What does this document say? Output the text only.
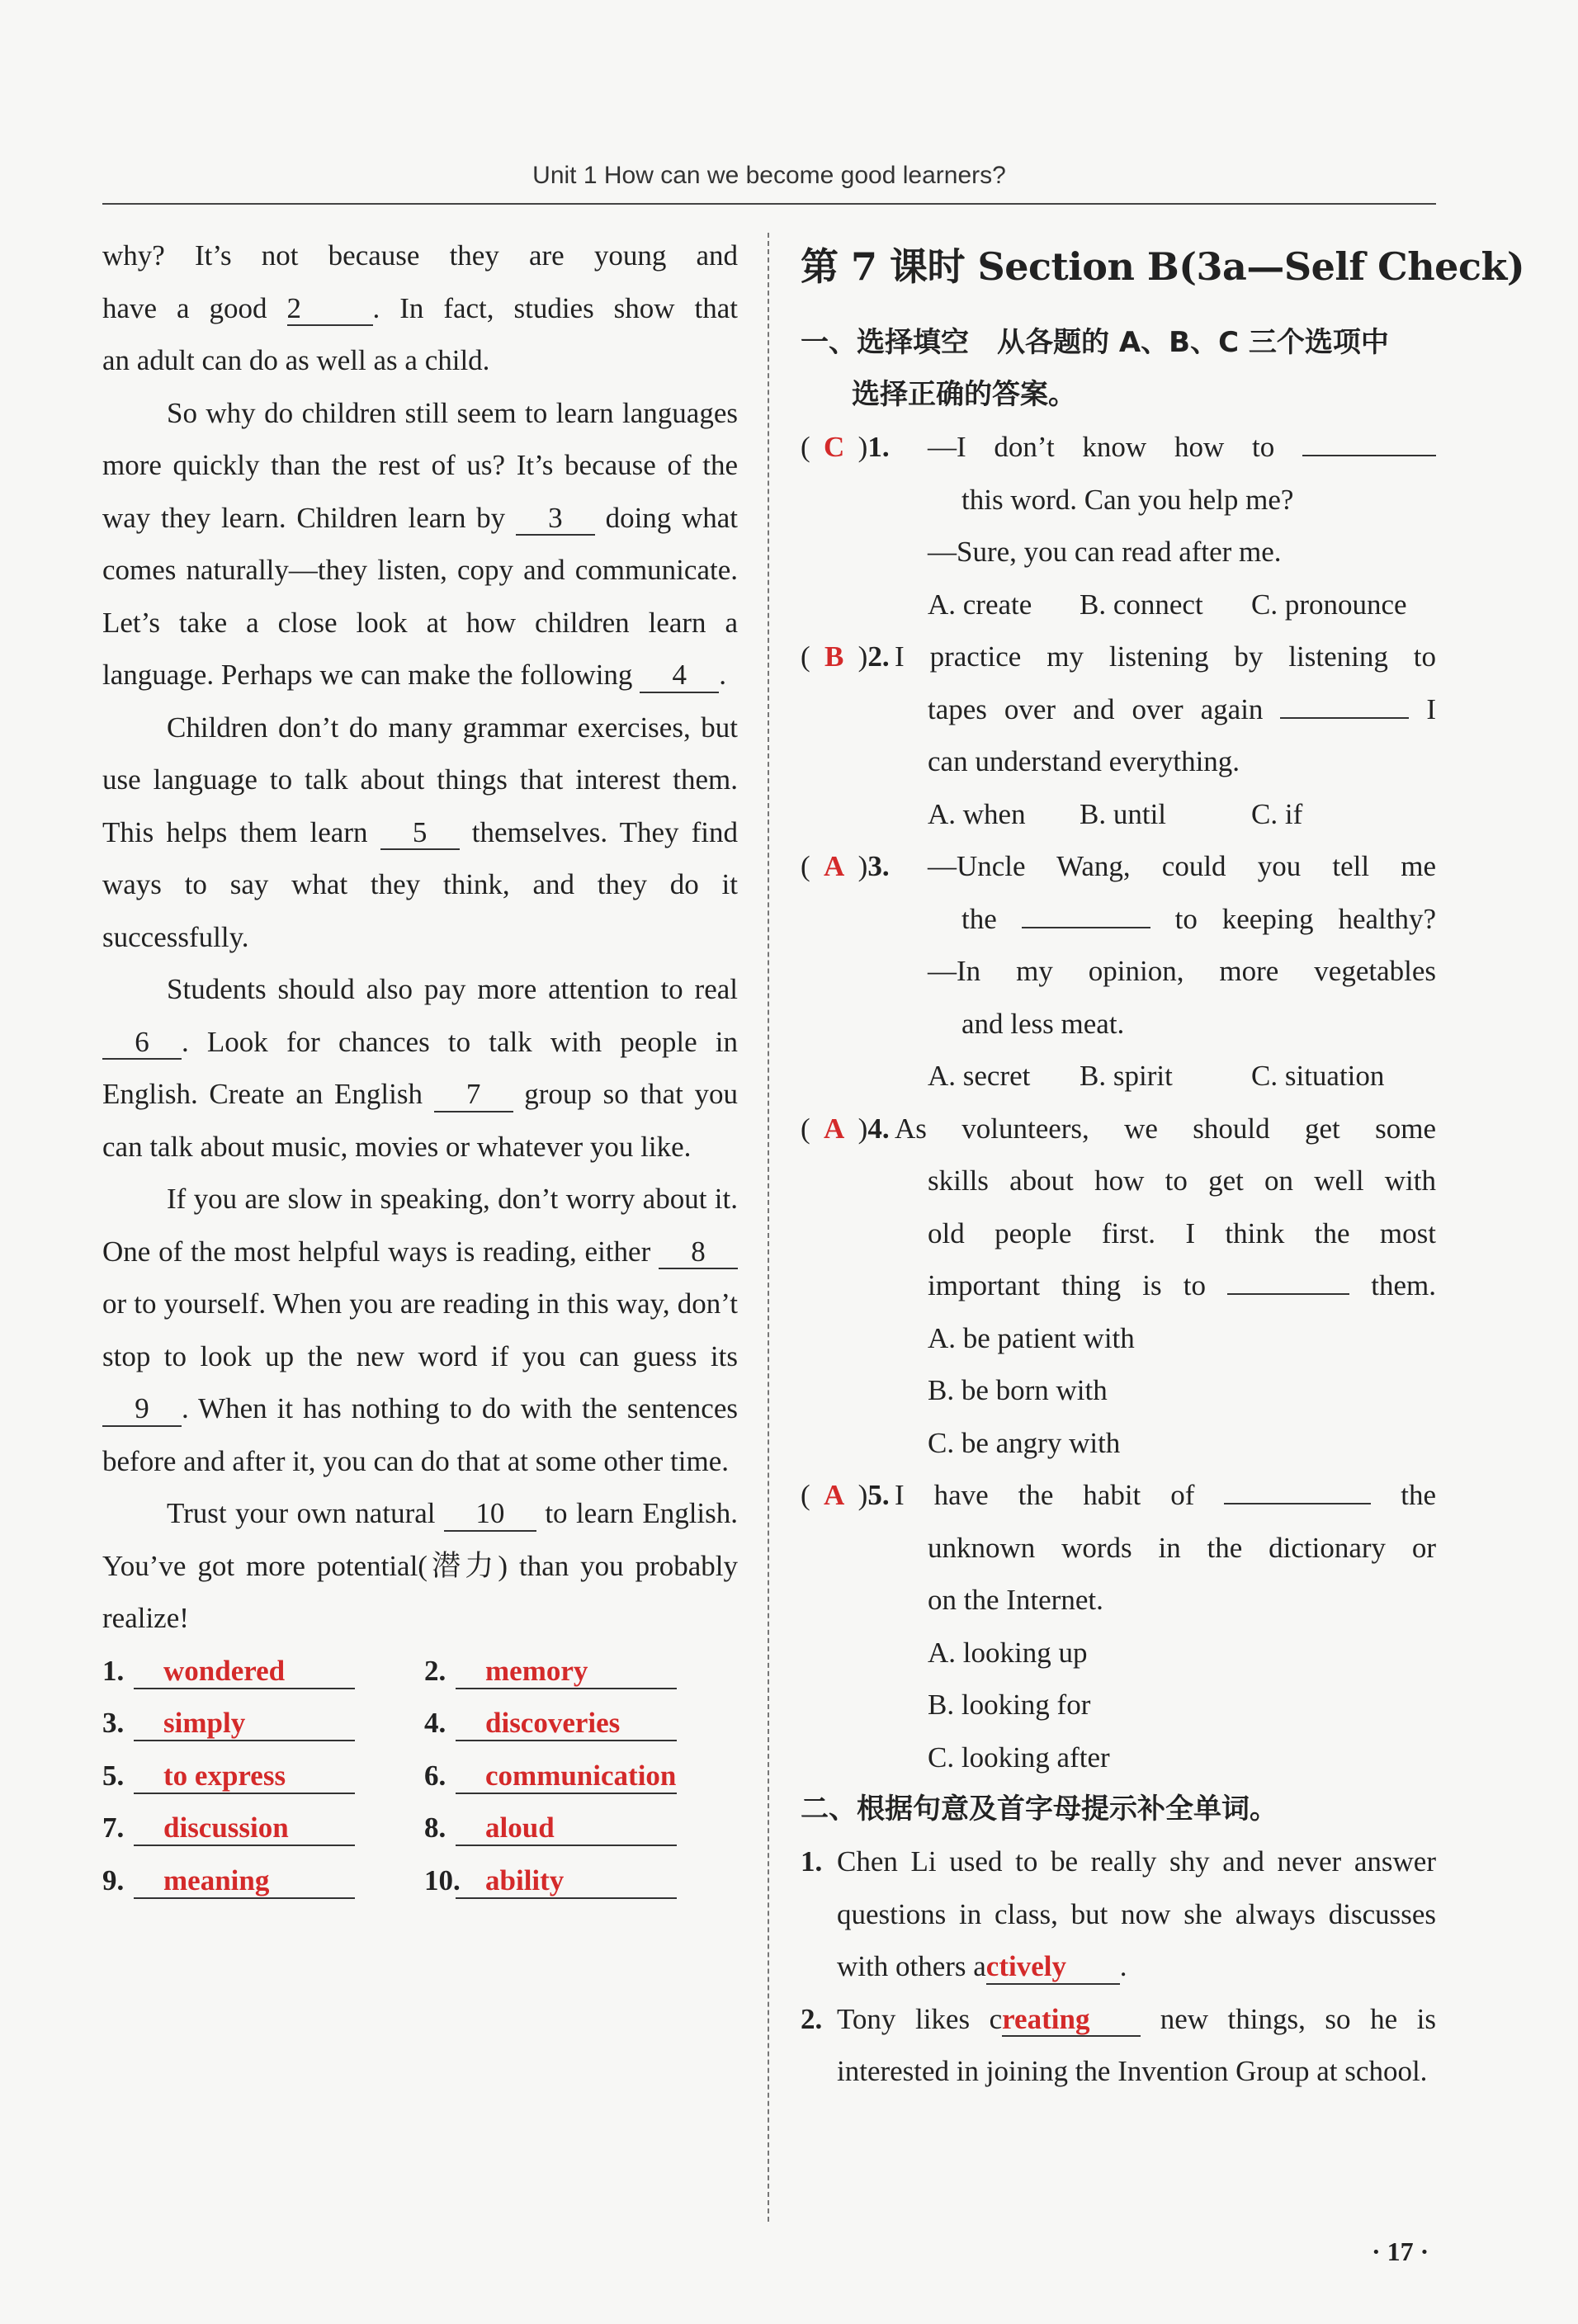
Unit 1 How can we become good learners?

why? It’s not because they are young and

have a good 2 . In fact, studies show that

an adult can do as well as a child.

So why do children still seem to learn languages more quickly than the rest of us? It’s because of the way they learn. Children learn by 3 doing what comes naturally—they listen, copy and communicate. Let’s take a close look at how children learn a language. Perhaps we can make the following 4 .

Children don’t do many grammar exercises, but use language to talk about things that interest them. This helps them learn 5 themselves. They find ways to say what they think, and they do it successfully.

Students should also pay more attention to real 6 . Look for chances to talk with people in English. Create an English 7 group so that you can talk about music, movies or whatever you like.

If you are slow in speaking, don’t worry about it. One of the most helpful ways is reading, either 8 or to yourself. When you are reading in this way, don’t stop to look up the new word if you can guess its 9 . When it has nothing to do with the sentences before and after it, you can do that at some other time.

Trust your own natural 10 to learn English. You’ve got more potential(潜力) than you probably realize!

1.	wondered	2.	memory
3.	simply	4.	discoveries
5.	to express	6.	communication
7.	discussion	8.	aloud
9.	meaning	10. ability
第 7 课时 Section B(3a—Self Check)
一、选择填空　从各题的 A、B、C 三个选项中
选择正确的答案。
( C )1. —I don’t know how to
this word. Can you help me?
—Sure, you can read after me.
A. create	B. connect	C. pronounce
( B )2. I practice my listening by listening to
tapes over and over again	I
can understand everything.
A. when	B. until	C. if
( A )3. —Uncle Wang, could you tell me
the	to keeping healthy?
—In my opinion, more vegetables
and less meat.
A. secret	B. spirit	C. situation
( A )4. As volunteers, we should get some
skills about how to get on well with
old people first. I think the most
important thing is to	them.
A. be patient with
B. be born with
C. be angry with
( A )5. I have the habit of	the
unknown words in the dictionary or
on the Internet.
A. looking up
B. looking for
C. looking after
二、根据句意及首字母提示补全单词。

1. Chen Li used to be really shy and never answer questions in class, but now she always discusses with others actively .

2. Tony likes creating new things, so he is interested in joining the Invention Group at school.

· 17 ·
